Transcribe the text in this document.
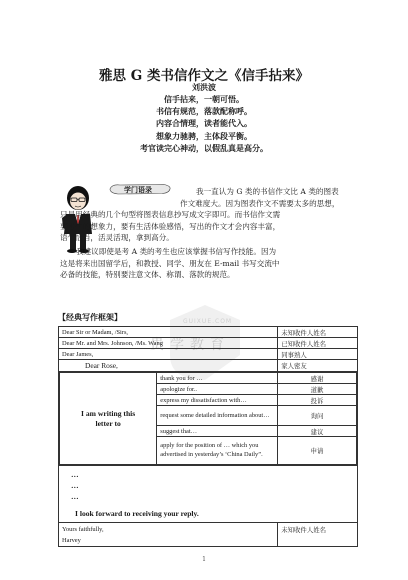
雅思 G 类书信作文之《信手拈来》
刘洪波
信手拈来，一朝可悟。
书信有规范，落款配称呼。
内容合情理，读者能代入。
想象力驰骋，主体段平衡。
考官读完心神动，以假乱真是高分。
学门语录	我一直认为 G 类的书信作文比 A 类的图表
作文难度大。因为图表作文不需要太多的思想，
只是用经典的几个句型将图表信息抄写成文字即可。而书信作文需
要考生的想象力，要有生活体验感悟，写出的作文才会内容丰富，
语气恰当，活灵活现，拿到高分。
我建议即使是考 A 类的考生也应该掌握书信写作技能。因为
这是将来出国留学后，和教授、同学、朋友在 E-mail 书写交流中
必备的技能，特别要注意文体、称谓、落款的规范。
【经典写作框架】	GUIXUE.COM
贵学教育
Dear Sir or Madam, /Sirs,	未知收件人姓名
Dear Mr. and Mrs. Johnson, /Ms. Wang	已知收件人姓名
Dear James,	同事熟人
Dear Rose,	家人密友

I am writing this letter to	thank you for …	感谢
apologize for..	道歉
express my dissatisfaction with…	投诉
request some detailed information about…	询问
suggest that…	建议
apply for the position of … which you advertised in yesterday’s ‘China Daily”.	申请

…
…
…
I look forward to receiving your reply.

Yours faithfully,
Harvey
	未知收件人姓名
1
